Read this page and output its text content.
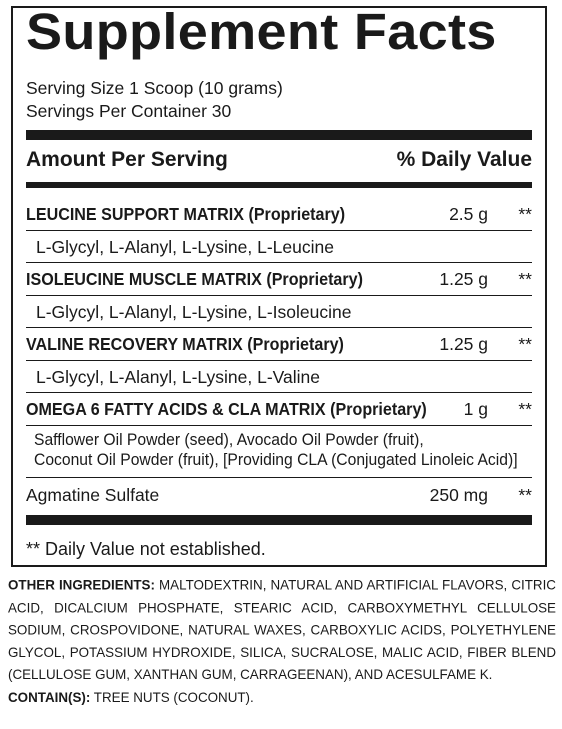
Supplement Facts
Serving Size 1 Scoop (10 grams)
Servings Per Container 30
Amount Per Serving	% Daily Value
LEUCINE SUPPORT MATRIX (Proprietary)	2.5 g **
L-Glycyl, L-Alanyl, L-Lysine, L-Leucine
ISOLEUCINE MUSCLE MATRIX (Proprietary)	1.25 g **
L-Glycyl, L-Alanyl, L-Lysine, L-Isoleucine
VALINE RECOVERY MATRIX (Proprietary)	1.25 g **
L-Glycyl, L-Alanyl, L-Lysine, L-Valine
OMEGA 6 FATTY ACIDS & CLA MATRIX (Proprietary) 1 g **
Safflower Oil Powder (seed), Avocado Oil Powder (fruit),
Coconut Oil Powder (fruit), [Providing CLA (Conjugated Linoleic Acid)]
Agmatine Sulfate	250 mg **
** Daily Value not established.
OTHER INGREDIENTS: MALTODEXTRIN, NATURAL AND ARTIFICIAL FLAVORS, CITRIC ACID, DICALCIUM PHOSPHATE, STEARIC ACID, CARBOXYMETHYL CELLULOSE SODIUM, CROSPOVIDONE, NATURAL WAXES, CARBOXYLIC ACIDS, POLYETHYLENE GLYCOL, POTASSIUM HYDROXIDE, SILICA, SUCRALOSE, MALIC ACID, FIBER BLEND (CELLULOSE GUM, XANTHAN GUM, CARRAGEENAN), AND ACESULFAME K.
CONTAIN(S): TREE NUTS (COCONUT).
